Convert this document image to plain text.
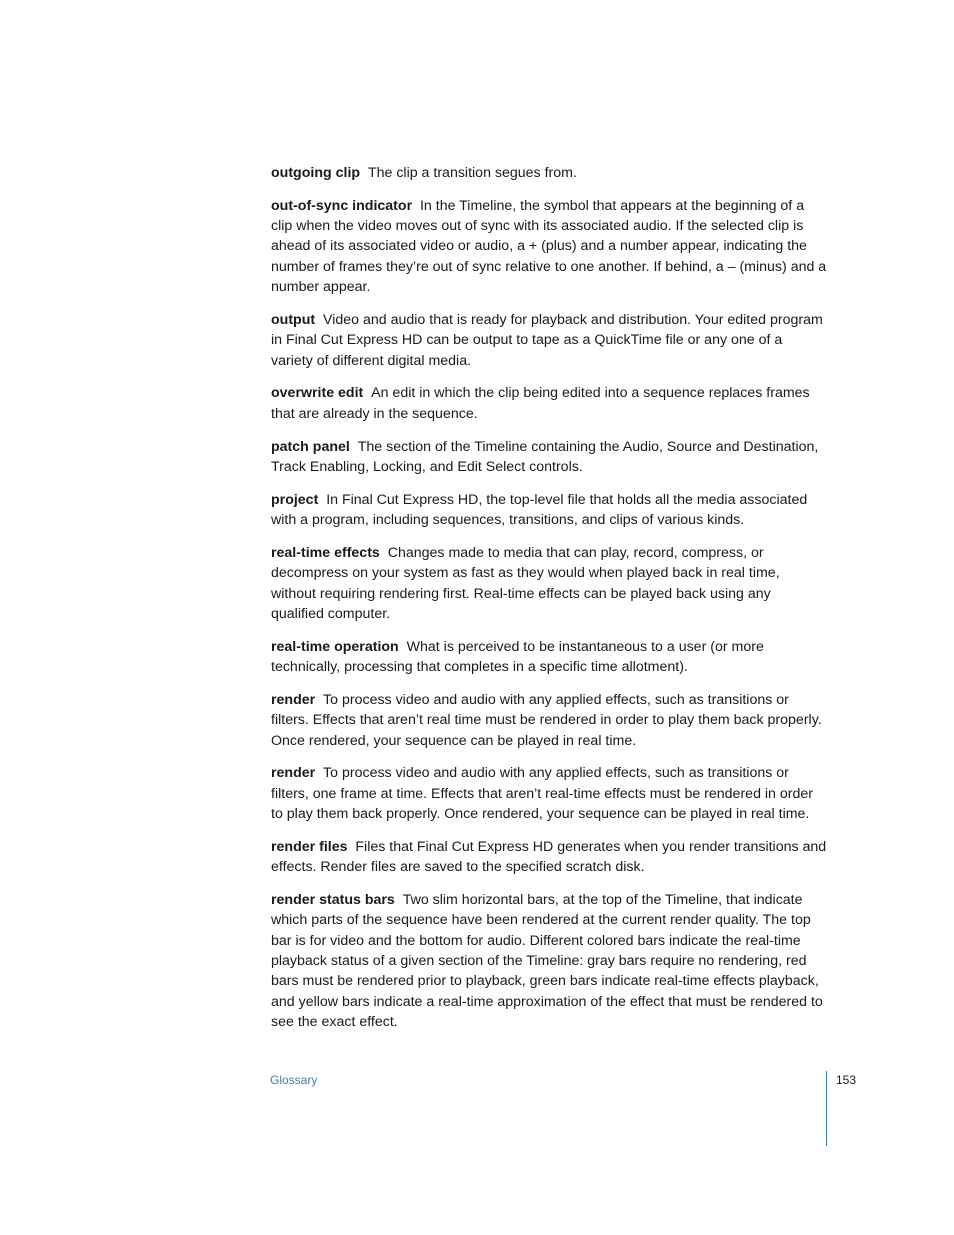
outgoing clip The clip a transition segues from.

out-of-sync indicator In the Timeline, the symbol that appears at the beginning of a clip when the video moves out of sync with its associated audio. If the selected clip is ahead of its associated video or audio, a + (plus) and a number appear, indicating the number of frames they’re out of sync relative to one another. If behind, a – (minus) and a number appear.

output Video and audio that is ready for playback and distribution. Your edited program in Final Cut Express HD can be output to tape as a QuickTime file or any one of a variety of different digital media.

overwrite edit An edit in which the clip being edited into a sequence replaces frames that are already in the sequence.

patch panel The section of the Timeline containing the Audio, Source and Destination, Track Enabling, Locking, and Edit Select controls.

project In Final Cut Express HD, the top-level file that holds all the media associated with a program, including sequences, transitions, and clips of various kinds.

real-time effects Changes made to media that can play, record, compress, or decompress on your system as fast as they would when played back in real time, without requiring rendering first. Real-time effects can be played back using any qualified computer.

real-time operation What is perceived to be instantaneous to a user (or more technically, processing that completes in a specific time allotment).

render To process video and audio with any applied effects, such as transitions or filters. Effects that aren’t real time must be rendered in order to play them back properly. Once rendered, your sequence can be played in real time.

render To process video and audio with any applied effects, such as transitions or filters, one frame at time. Effects that aren’t real-time effects must be rendered in order to play them back properly. Once rendered, your sequence can be played in real time.

render files Files that Final Cut Express HD generates when you render transitions and effects. Render files are saved to the specified scratch disk.

render status bars Two slim horizontal bars, at the top of the Timeline, that indicate which parts of the sequence have been rendered at the current render quality. The top bar is for video and the bottom for audio. Different colored bars indicate the real-time playback status of a given section of the Timeline: gray bars require no rendering, red bars must be rendered prior to playback, green bars indicate real-time effects playback, and yellow bars indicate a real-time approximation of the effect that must be rendered to see the exact effect.

Glossary	153
